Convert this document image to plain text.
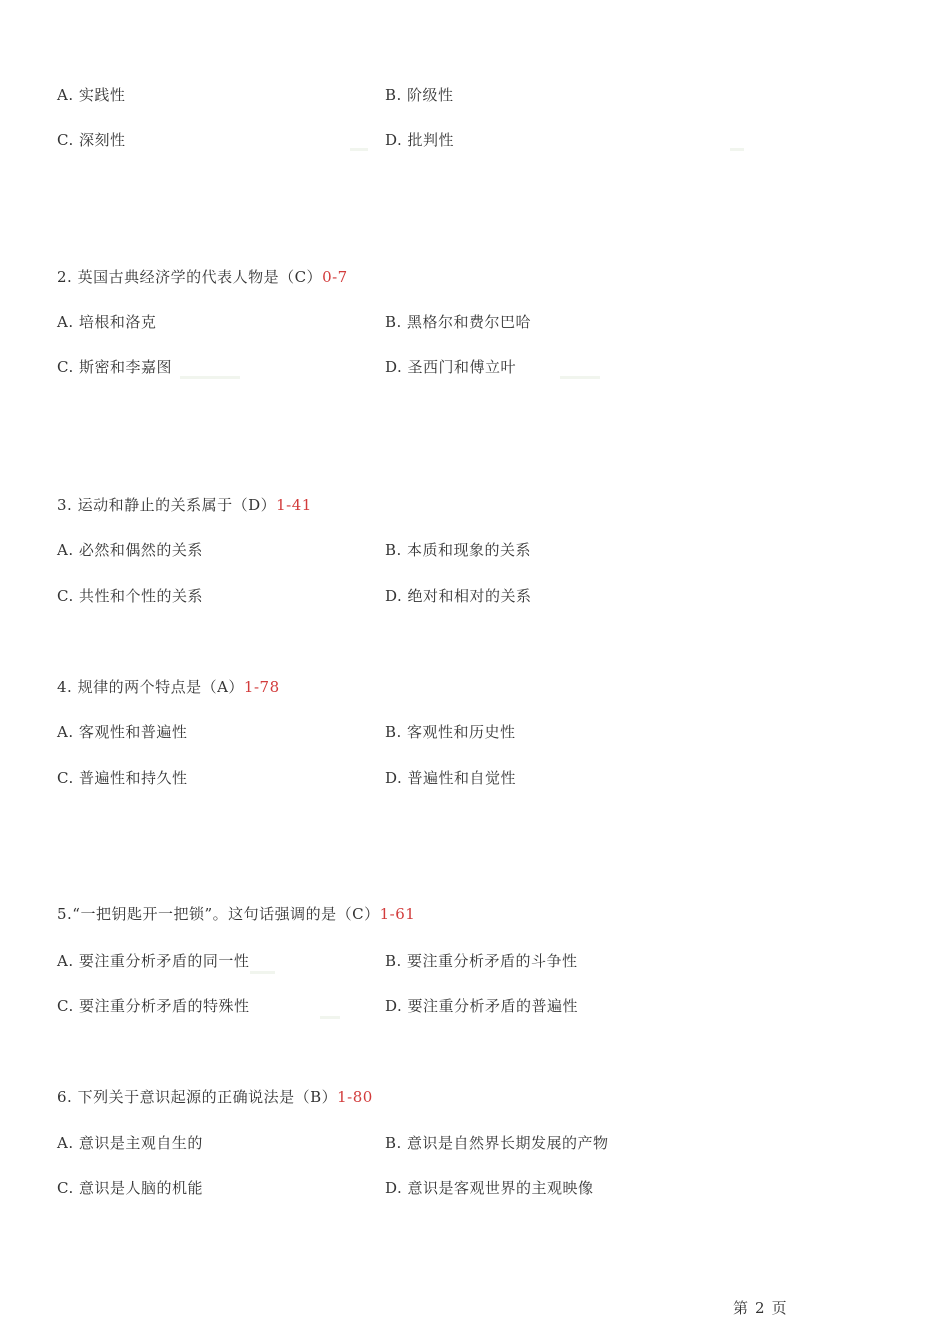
A. 实践性	B. 阶级性
C. 深刻性	D. 批判性
2. 英国古典经济学的代表人物是（C）0-7
A. 培根和洛克	B. 黑格尔和费尔巴哈
C. 斯密和李嘉图	D. 圣西门和傅立叶
3. 运动和静止的关系属于（D）1-41
A. 必然和偶然的关系	B. 本质和现象的关系
C. 共性和个性的关系	D. 绝对和相对的关系
4. 规律的两个特点是（A）1-78
A. 客观性和普遍性	B. 客观性和历史性
C. 普遍性和持久性	D. 普遍性和自觉性
5.“一把钥匙开一把锁”。这句话强调的是（C）1-61
A. 要注重分析矛盾的同一性	B. 要注重分析矛盾的斗争性
C. 要注重分析矛盾的特殊性	D. 要注重分析矛盾的普遍性
6. 下列关于意识起源的正确说法是（B）1-80
A. 意识是主观自生的	B. 意识是自然界长期发展的产物
C. 意识是人脑的机能	D. 意识是客观世界的主观映像
第 2 页
